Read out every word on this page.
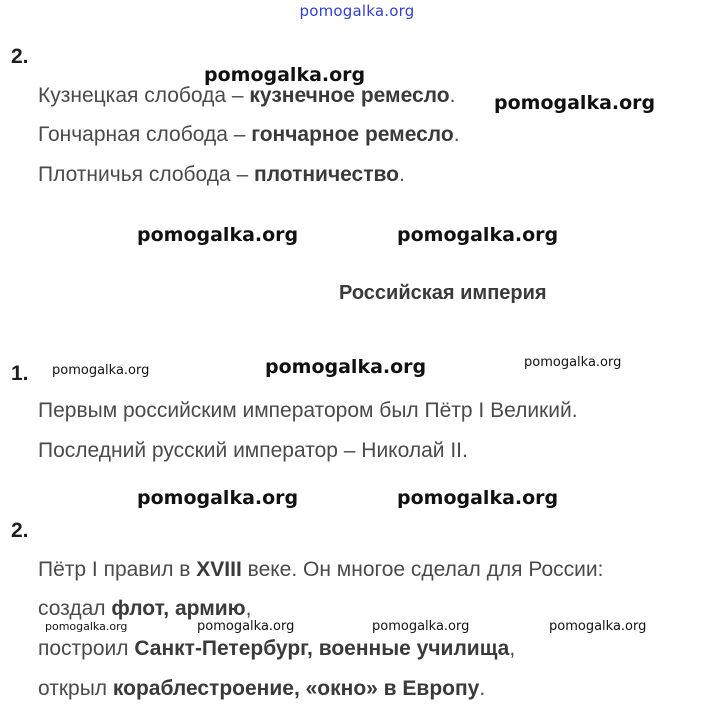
pomogalka.org
2.
pomogalka.org
Кузнецкая слобода – кузнечное ремесло. pomogalka.org
Гончарная слобода – гончарное ремесло.
Плотничья слобода – плотничество.
pomogalka.org	pomogalka.org
Российская империя
1. pomogalka.org	pomogalka.org	pomogalka.org
Первым российским императором был Пётр I Великий.
Последний русский император – Николай II.
pomogalka.org	pomogalka.org
2.
Пётр I правил в XVIII веке. Он многое сделал для России:
создал флот, армию,
pomogalka.org	pomogalka.org	pomogalka.org	pomogalka.org
построил Санкт-Петербург, военные училища,
открыл кораблестроение, «окно» в Европу.
